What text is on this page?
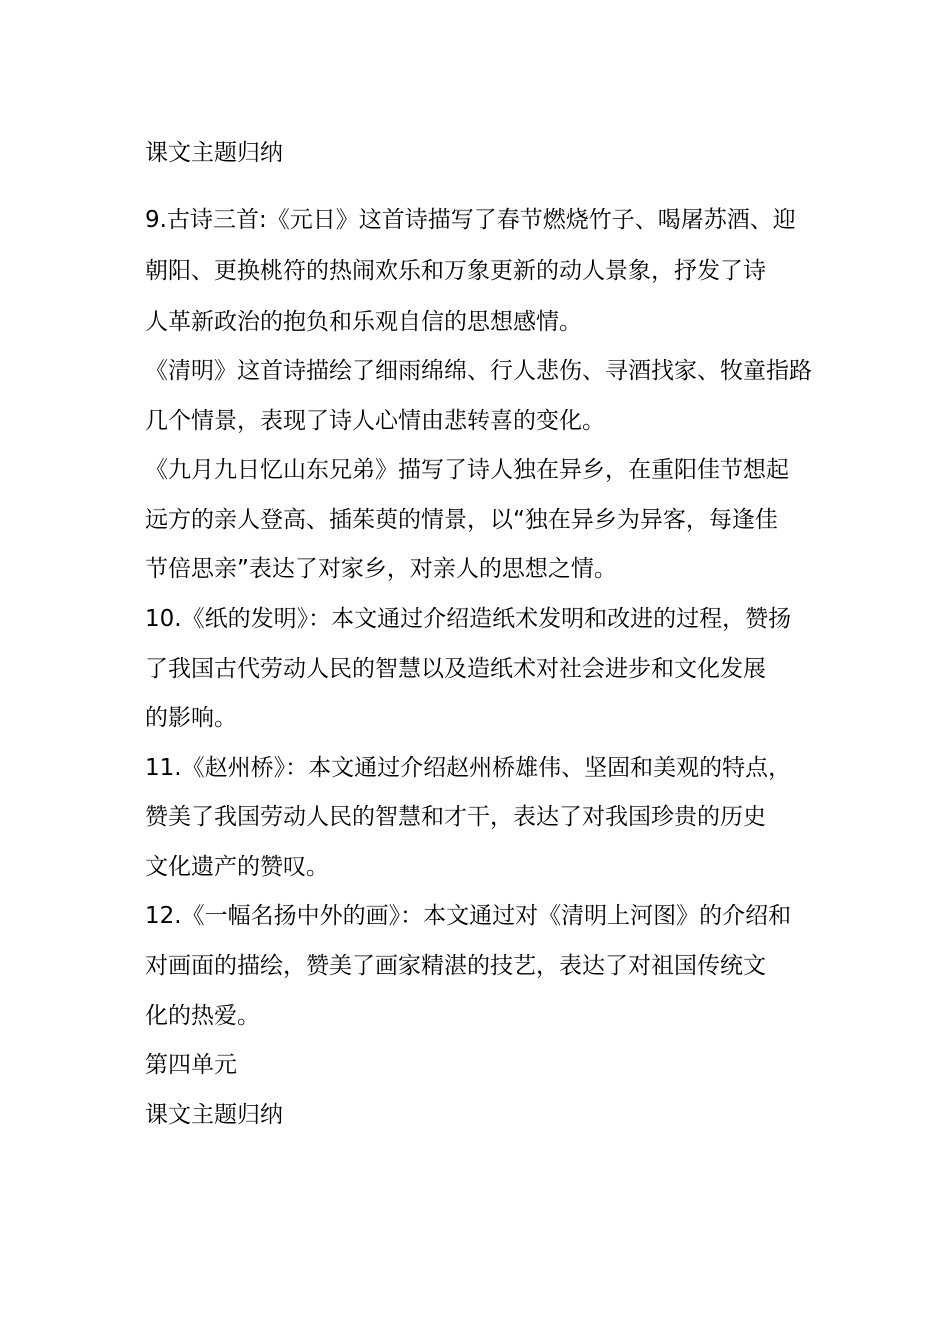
课文主题归纳
9.古诗三首:《元日》这首诗描写了春节燃烧竹子、喝屠苏酒、迎
朝阳、更换桃符的热闹欢乐和万象更新的动人景象，抒发了诗
人革新政治的抱负和乐观自信的思想感情。
《清明》这首诗描绘了细雨绵绵、行人悲伤、寻酒找家、牧童指路
几个情景，表现了诗人心情由悲转喜的变化。
《九月九日忆山东兄弟》描写了诗人独在异乡，在重阳佳节想起
远方的亲人登高、插茱萸的情景，以“独在异乡为异客，每逢佳
节倍思亲”表达了对家乡，对亲人的思想之情。
10.《纸的发明》：本文通过介绍造纸术发明和改进的过程，赞扬
了我国古代劳动人民的智慧以及造纸术对社会进步和文化发展
的影响。
11.《赵州桥》：本文通过介绍赵州桥雄伟、坚固和美观的特点，
赞美了我国劳动人民的智慧和才干，表达了对我国珍贵的历史
文化遗产的赞叹。
12.《一幅名扬中外的画》：本文通过对《清明上河图》的介绍和
对画面的描绘，赞美了画家精湛的技艺，表达了对祖国传统文
化的热爱。
第四单元
课文主题归纳
